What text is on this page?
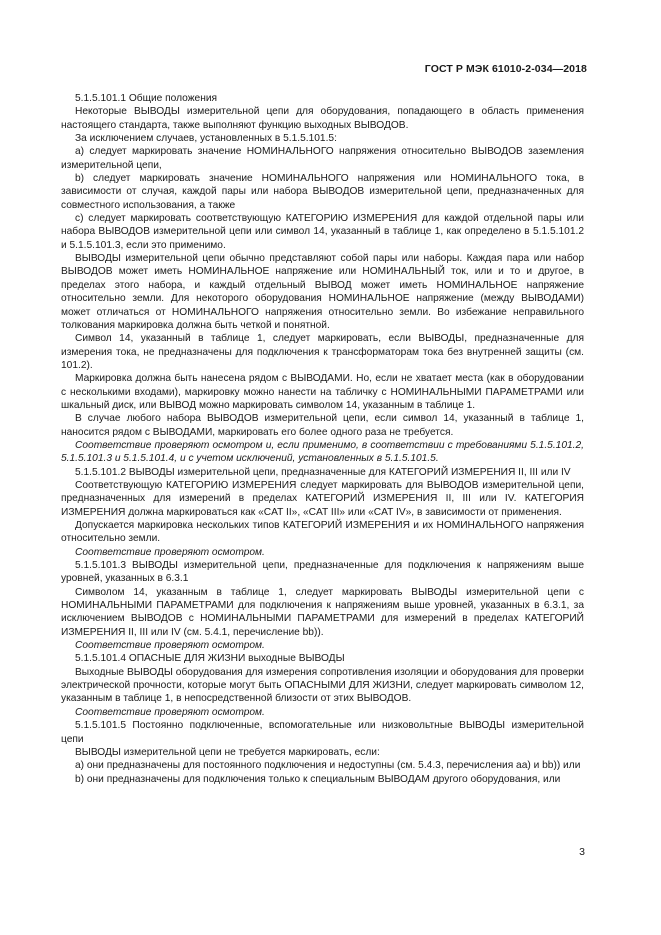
ГОСТ Р МЭК 61010-2-034—2018

5.1.5.101.1 Общие положения

Некоторые ВЫВОДЫ измерительной цепи для оборудования, попадающего в область применения настоящего стандарта, также выполняют функцию выходных ВЫВОДОВ.

За исключением случаев, установленных в 5.1.5.101.5:

a) следует маркировать значение НОМИНАЛЬНОГО напряжения относительно ВЫВОДОВ заземления измерительной цепи,

b) следует маркировать значение НОМИНАЛЬНОГО напряжения или НОМИНАЛЬНОГО тока, в зависимости от случая, каждой пары или набора ВЫВОДОВ измерительной цепи, предназначенных для совместного использования, а также

c) следует маркировать соответствующую КАТЕГОРИЮ ИЗМЕРЕНИЯ для каждой отдельной пары или набора ВЫВОДОВ измерительной цепи или символ 14, указанный в таблице 1, как определено в 5.1.5.101.2 и 5.1.5.101.3, если это применимо.

ВЫВОДЫ измерительной цепи обычно представляют собой пары или наборы. Каждая пара или набор ВЫВОДОВ может иметь НОМИНАЛЬНОЕ напряжение или НОМИНАЛЬНЫЙ ток, или и то и другое, в пределах этого набора, и каждый отдельный ВЫВОД может иметь НОМИНАЛЬНОЕ напряжение относительно земли. Для некоторого оборудования НОМИНАЛЬНОЕ напряжение (между ВЫВОДАМИ) может отличаться от НОМИНАЛЬНОГО напряжения относительно земли. Во избежание неправильного толкования маркировка должна быть четкой и понятной.

Символ 14, указанный в таблице 1, следует маркировать, если ВЫВОДЫ, предназначенные для измерения тока, не предназначены для подключения к трансформаторам тока без внутренней защиты (см. 101.2).

Маркировка должна быть нанесена рядом с ВЫВОДАМИ. Но, если не хватает места (как в оборудовании с несколькими входами), маркировку можно нанести на табличку с НОМИНАЛЬНЫМИ ПАРАМЕТРАМИ или шкальный диск, или ВЫВОД можно маркировать символом 14, указанным в таблице 1.

В случае любого набора ВЫВОДОВ измерительной цепи, если символ 14, указанный в таблице 1, наносится рядом с ВЫВОДАМИ, маркировать его более одного раза не требуется.

Соответствие проверяют осмотром и, если применимо, в соответствии с требованиями 5.1.5.101.2, 5.1.5.101.3 и 5.1.5.101.4, и с учетом исключений, установленных в 5.1.5.101.5.

5.1.5.101.2 ВЫВОДЫ измерительной цепи, предназначенные для КАТЕГОРИЙ ИЗМЕРЕНИЯ II, III или IV

Соответствующую КАТЕГОРИЮ ИЗМЕРЕНИЯ следует маркировать для ВЫВОДОВ измерительной цепи, предназначенных для измерений в пределах КАТЕГОРИЙ ИЗМЕРЕНИЯ II, III или IV. КАТЕГОРИЯ ИЗМЕРЕНИЯ должна маркироваться как «CAT II», «CAT III» или «CAT IV», в зависимости от применения.

Допускается маркировка нескольких типов КАТЕГОРИЙ ИЗМЕРЕНИЯ и их НОМИНАЛЬНОГО напряжения относительно земли.

Соответствие проверяют осмотром.

5.1.5.101.3 ВЫВОДЫ измерительной цепи, предназначенные для подключения к напряжениям выше уровней, указанных в 6.3.1

Символом 14, указанным в таблице 1, следует маркировать ВЫВОДЫ измерительной цепи с НОМИНАЛЬНЫМИ ПАРАМЕТРАМИ для подключения к напряжениям выше уровней, указанных в 6.3.1, за исключением ВЫВОДОВ с НОМИНАЛЬНЫМИ ПАРАМЕТРАМИ для измерений в пределах КАТЕГОРИЙ ИЗМЕРЕНИЯ II, III или IV (см. 5.4.1, перечисление bb)).

Соответствие проверяют осмотром.

5.1.5.101.4 ОПАСНЫЕ ДЛЯ ЖИЗНИ выходные ВЫВОДЫ

Выходные ВЫВОДЫ оборудования для измерения сопротивления изоляции и оборудования для проверки электрической прочности, которые могут быть ОПАСНЫМИ ДЛЯ ЖИЗНИ, следует маркировать символом 12, указанным в таблице 1, в непосредственной близости от этих ВЫВОДОВ.

Соответствие проверяют осмотром.

5.1.5.101.5 Постоянно подключенные, вспомогательные или низковольтные ВЫВОДЫ измерительной цепи

ВЫВОДЫ измерительной цепи не требуется маркировать, если:

a) они предназначены для постоянного подключения и недоступны (см. 5.4.3, перечисления аа) и bb)) или

b) они предназначены для подключения только к специальным ВЫВОДАМ другого оборудования, или

3
